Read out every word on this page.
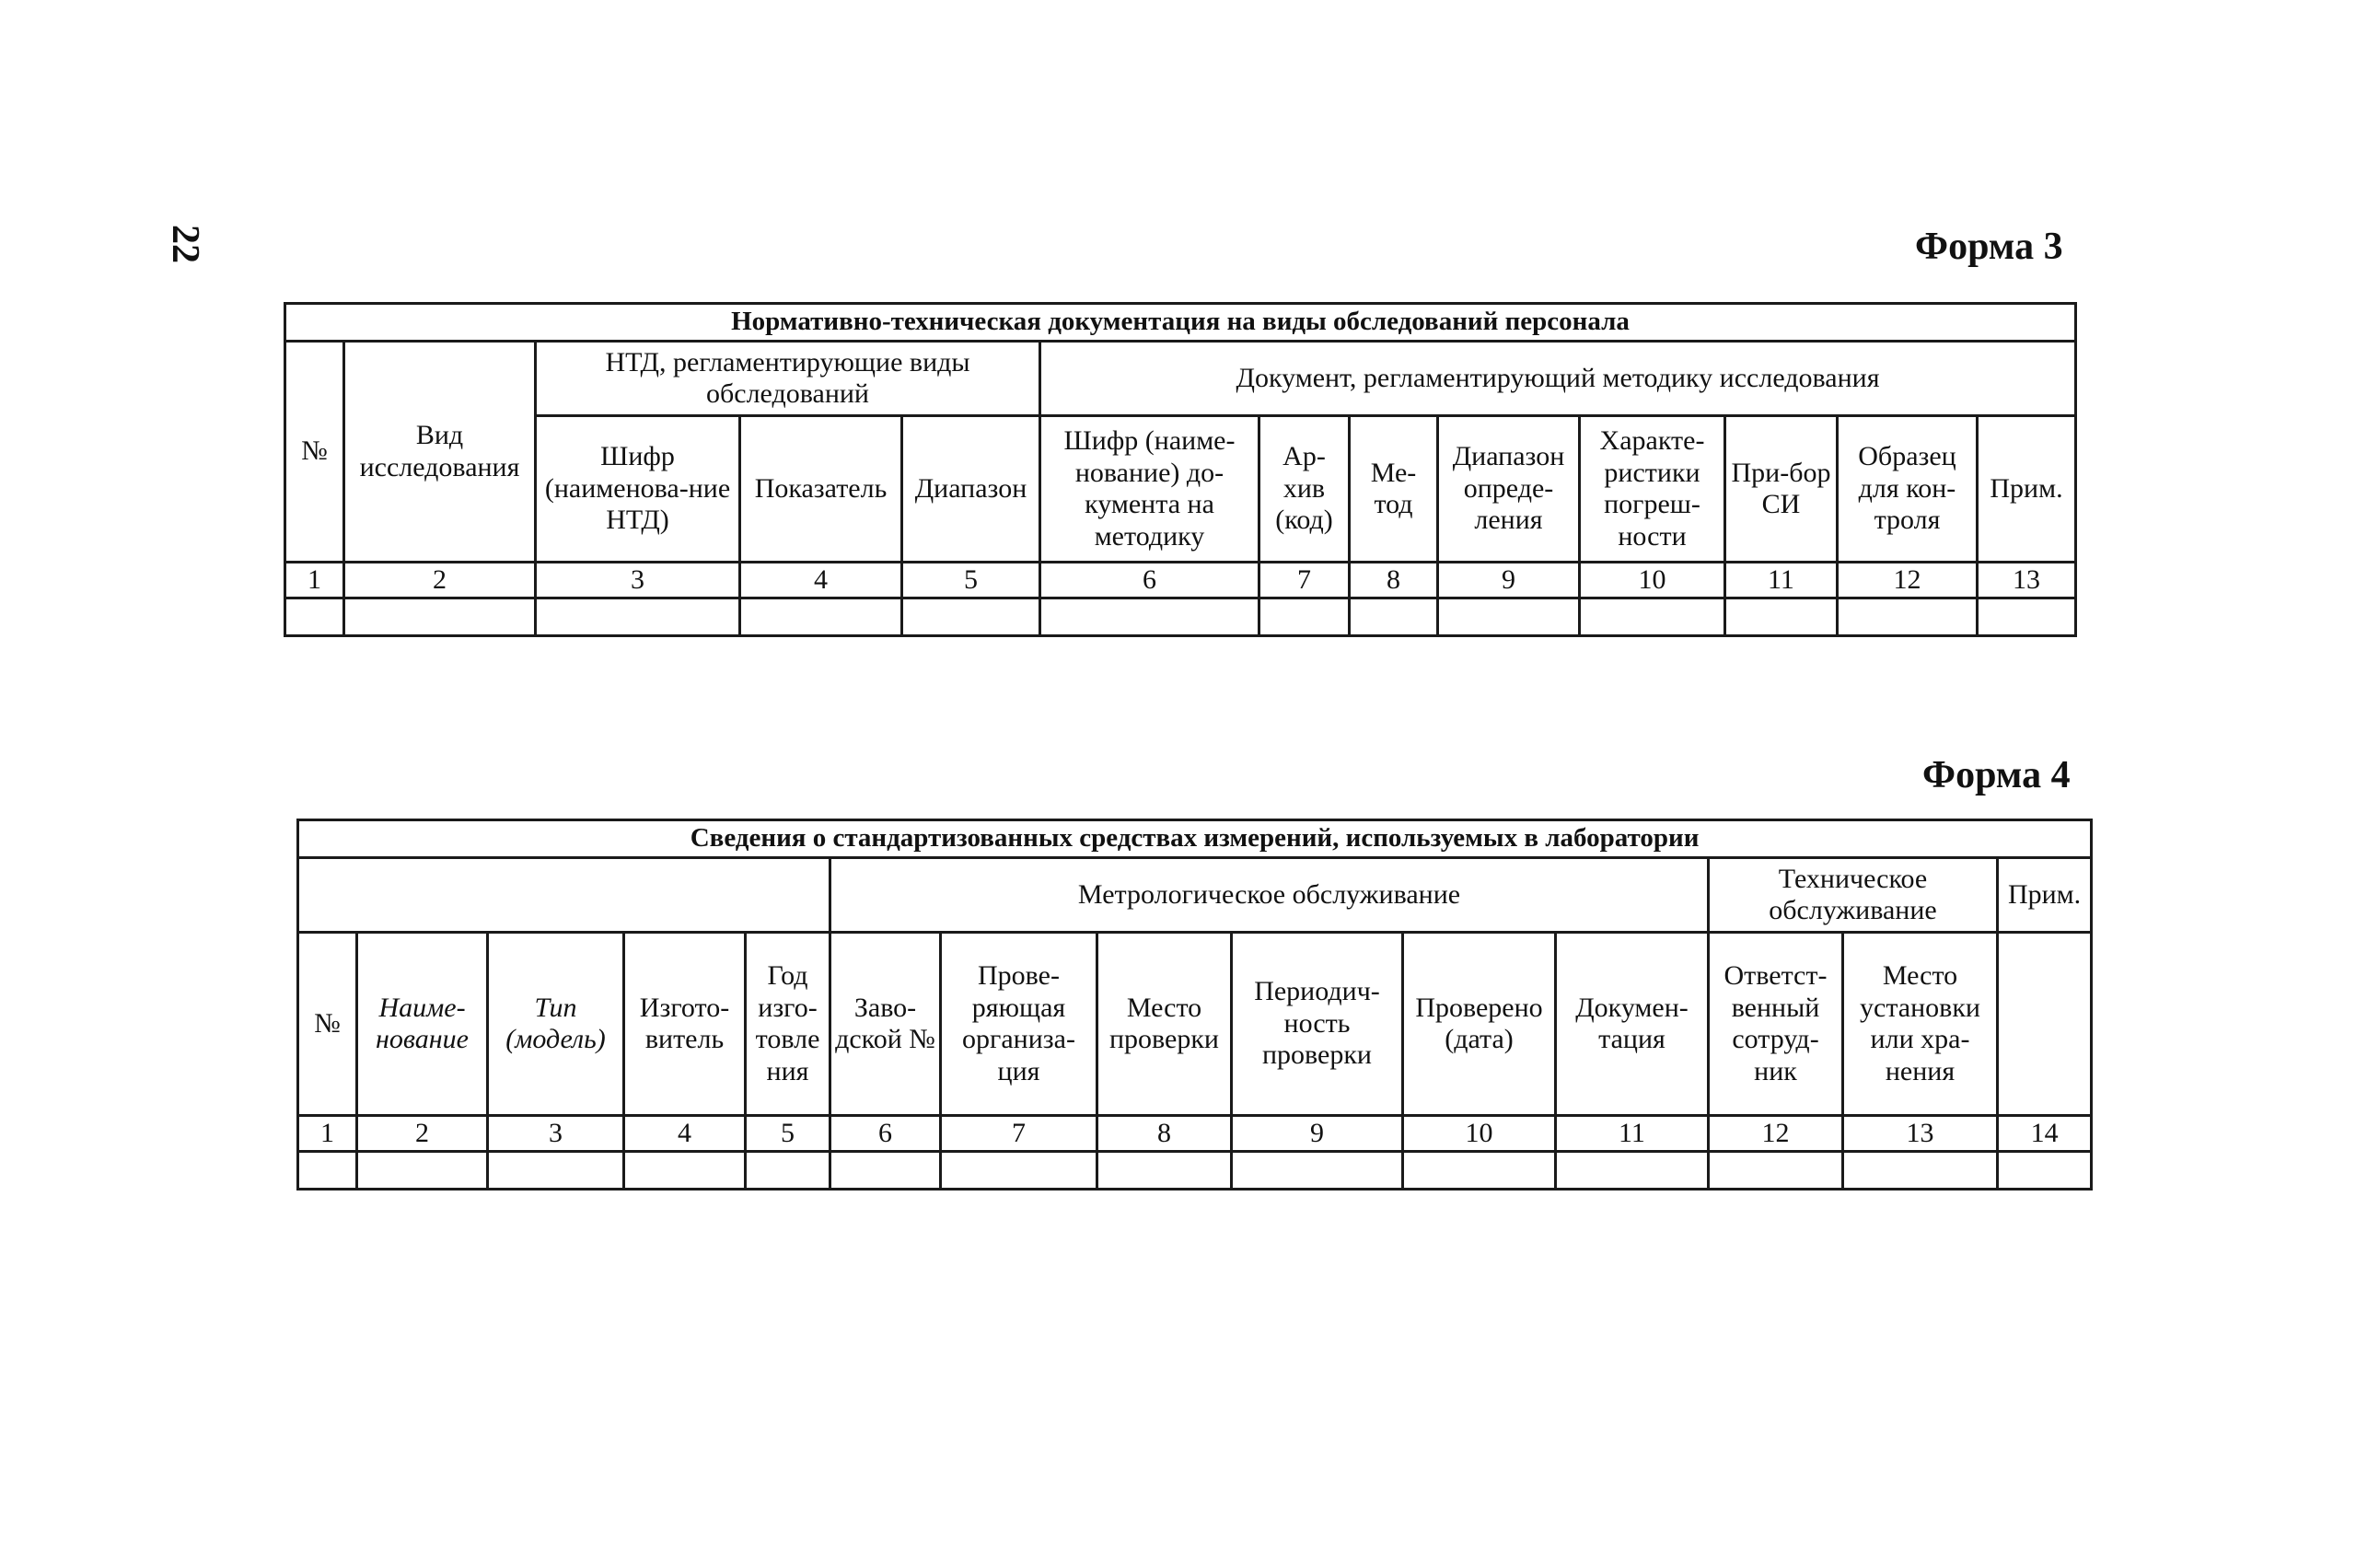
22	Форма 3
Нормативно-техническая документация на виды обследований персонала												
№	Вид исследования	НТД, регламентирующие виды обследований			Документ, регламентирующий методику исследования							
		Шифр (наименова-ние НТД)	Показатель	Диапазон	Шифр (наиме-нование) до-кумента на методику	Ар-хив (код)	Ме-тод	Диапазон опреде-ления	Характе-ристики погреш-ности	При-бор СИ	Образец для кон-троля	Прим.
1	2	3	4	5	6	7	8	9	10	11	12	13

Форма 4
Сведения о стандартизованных средствах измерений, используемых в лаборатории													
					Метрологическое обслуживание						Техническое обслуживание		Прим.
№	Наиме-нование	Тип (модель)	Изгото-витель	Год изго-товле ния	Заво-дской №	Прове-ряющая организа-ция	Место проверки	Периодич-ность проверки	Проверено (дата)	Докумен-тация	Ответст-венный сотруд-ник	Место установки или хра-нения	
1	2	3	4	5	6	7	8	9	10	11	12	13	14
